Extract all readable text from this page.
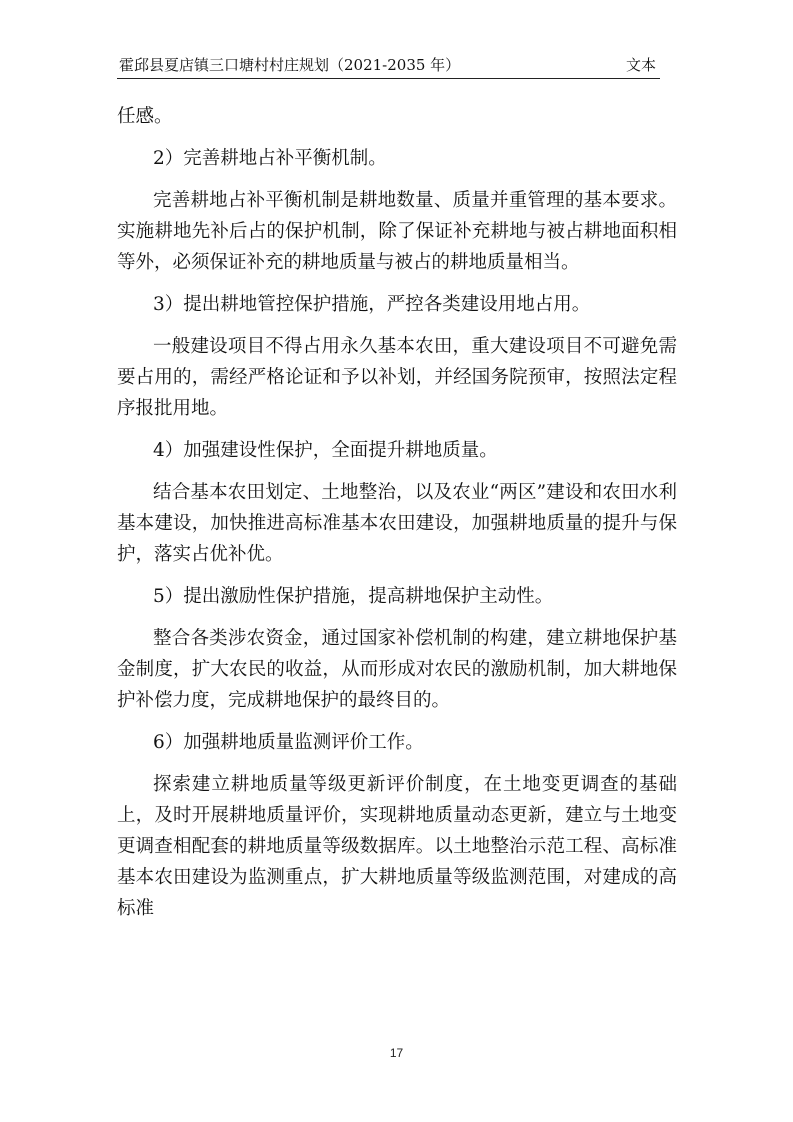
霍邱县夏店镇三口塘村村庄规划（2021-2035 年）	文本

任感。

2）完善耕地占补平衡机制。

完善耕地占补平衡机制是耕地数量、质量并重管理的基本要求。实施耕地先补后占的保护机制，除了保证补充耕地与被占耕地面积相等外，必须保证补充的耕地质量与被占的耕地质量相当。

3）提出耕地管控保护措施，严控各类建设用地占用。

一般建设项目不得占用永久基本农田，重大建设项目不可避免需要占用的，需经严格论证和予以补划，并经国务院预审，按照法定程序报批用地。

4）加强建设性保护，全面提升耕地质量。

结合基本农田划定、土地整治，以及农业“两区”建设和农田水利基本建设，加快推进高标准基本农田建设，加强耕地质量的提升与保护，落实占优补优。

5）提出激励性保护措施，提高耕地保护主动性。

整合各类涉农资金，通过国家补偿机制的构建，建立耕地保护基金制度，扩大农民的收益，从而形成对农民的激励机制，加大耕地保护补偿力度，完成耕地保护的最终目的。

6）加强耕地质量监测评价工作。

探索建立耕地质量等级更新评价制度，在土地变更调查的基础上，及时开展耕地质量评价，实现耕地质量动态更新，建立与土地变更调查相配套的耕地质量等级数据库。以土地整治示范工程、高标准基本农田建设为监测重点，扩大耕地质量等级监测范围，对建成的高标准

17
